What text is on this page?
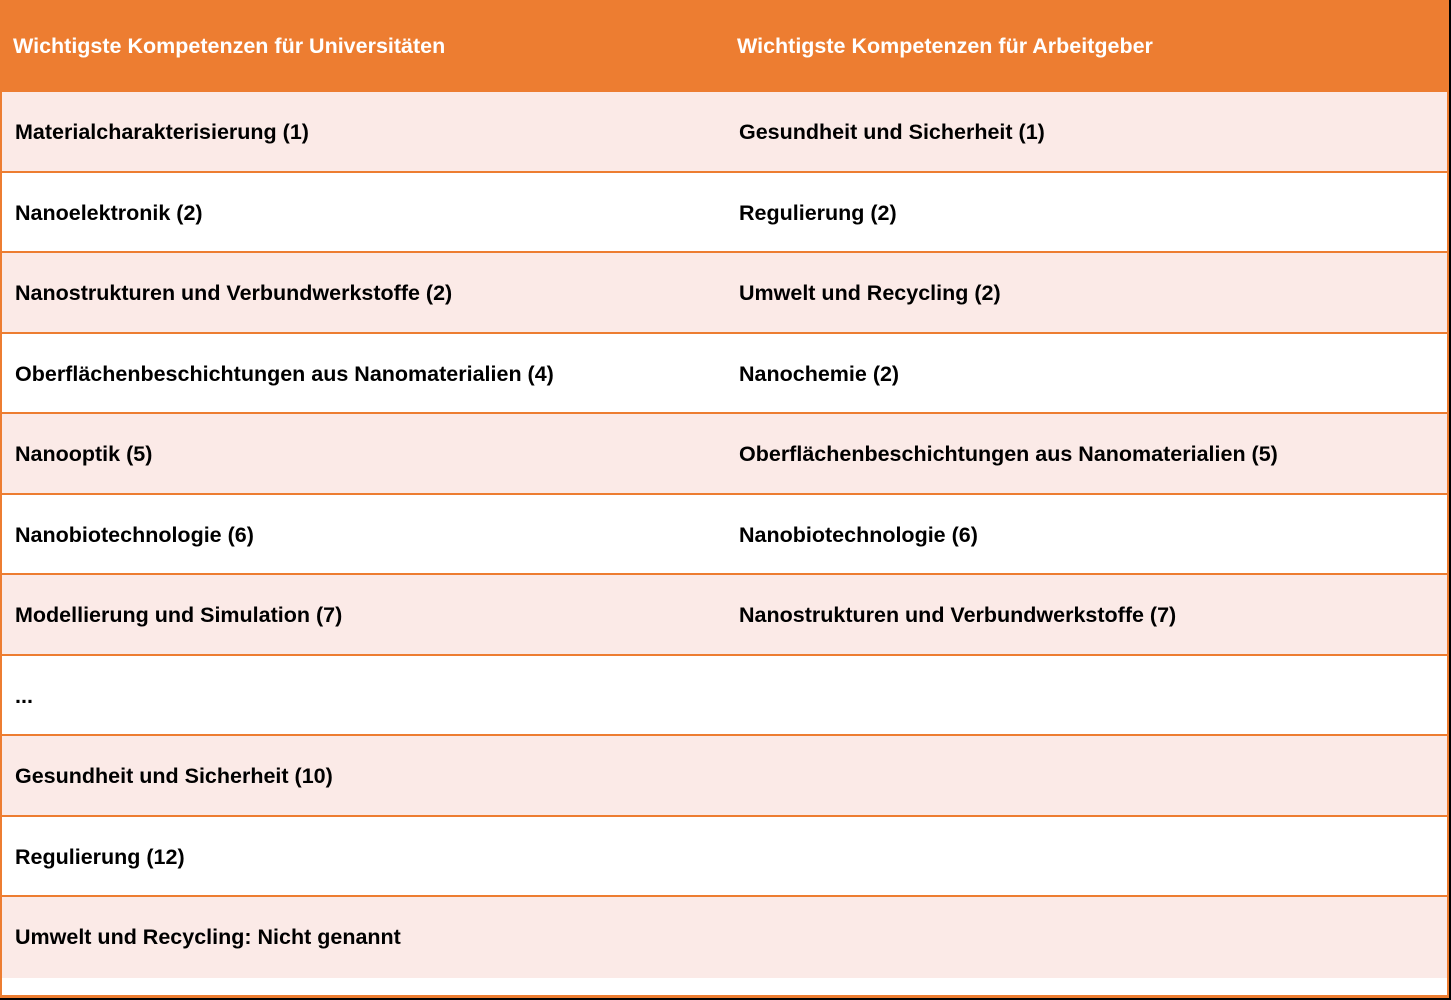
Wichtigste Kompetenzen für Universitäten	Wichtigste Kompetenzen für Arbeitgeber
Materialcharakterisierung (1)	Gesundheit und Sicherheit (1)
Nanoelektronik (2)	Regulierung (2)
Nanostrukturen und Verbundwerkstoffe (2)	Umwelt und Recycling (2)
Oberflächenbeschichtungen aus Nanomaterialien (4)	Nanochemie (2)
Nanooptik (5)	Oberflächenbeschichtungen aus Nanomaterialien (5)
Nanobiotechnologie (6)	Nanobiotechnologie (6)
Modellierung und Simulation (7)	Nanostrukturen und Verbundwerkstoffe (7)
...
Gesundheit und Sicherheit (10)
Regulierung (12)
Umwelt und Recycling: Nicht genannt
